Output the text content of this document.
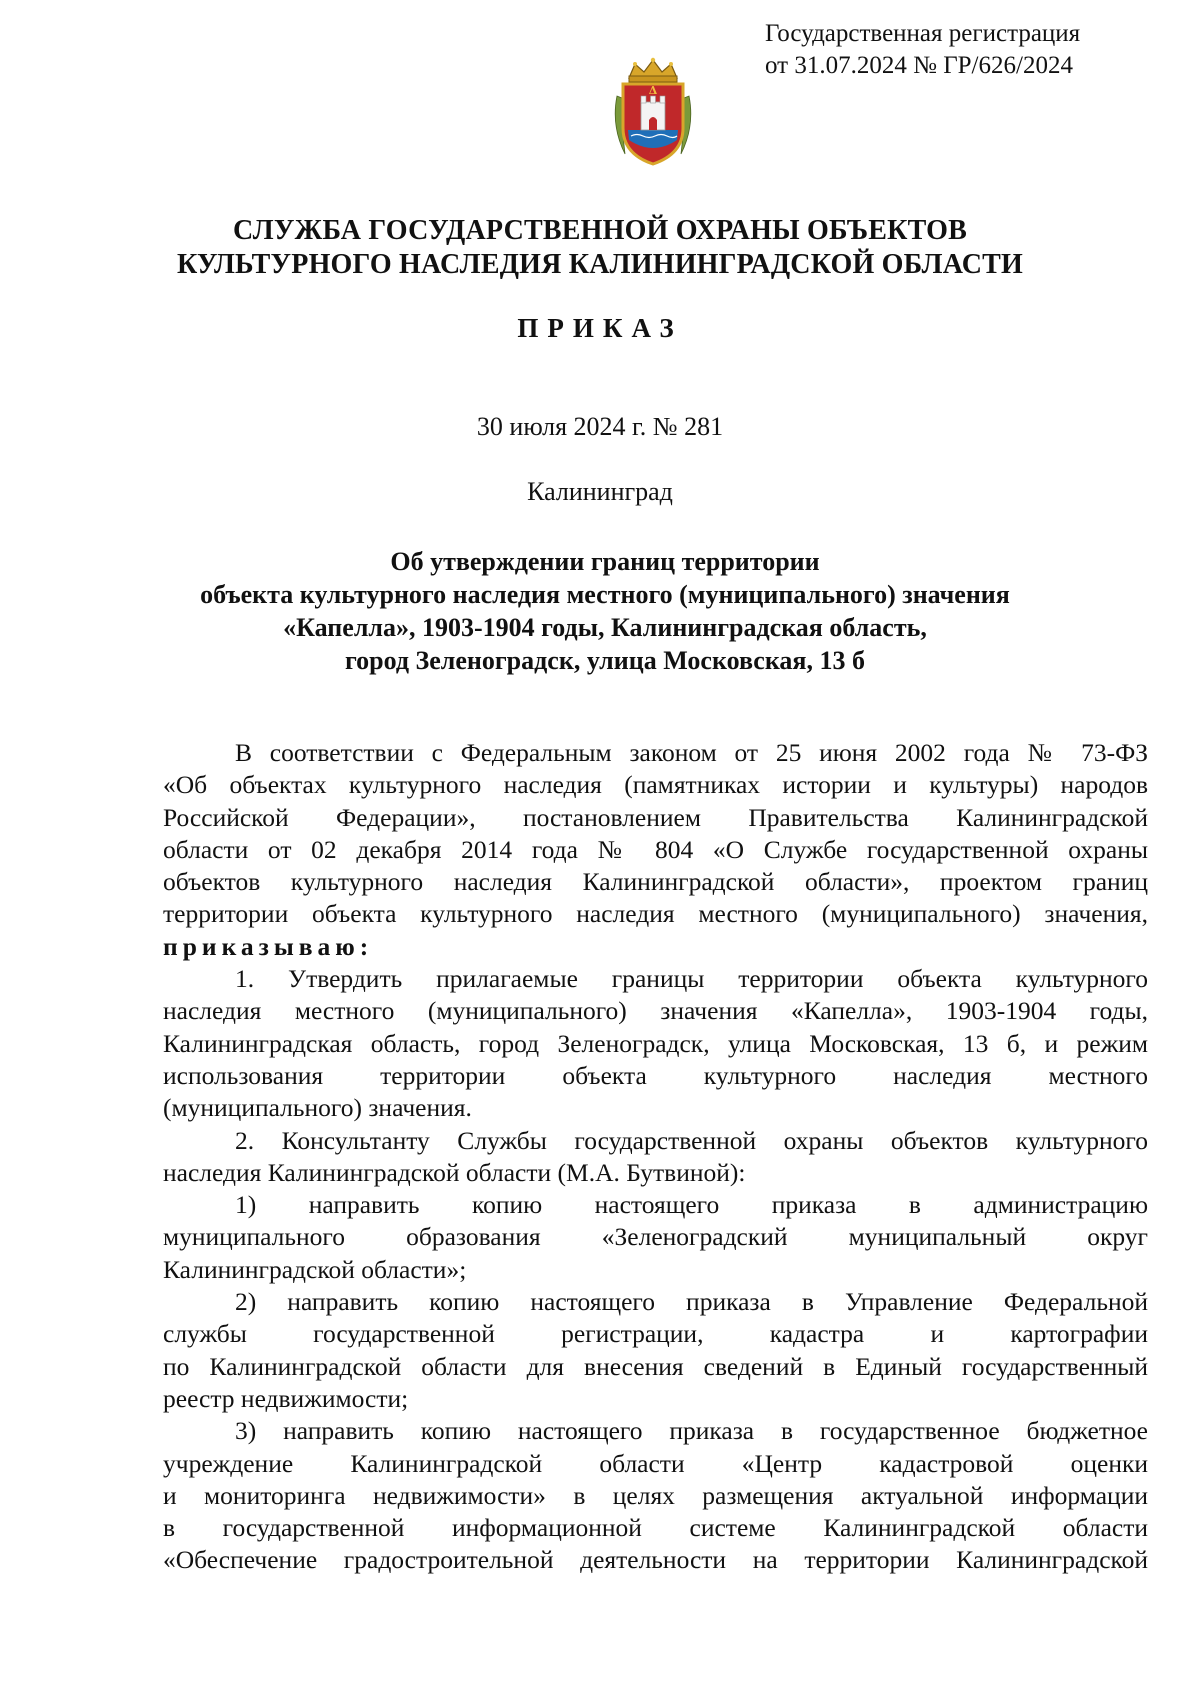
Государственная регистрация
от 31.07.2024 № ГР/626/2024
Δ
СЛУЖБА ГОСУДАРСТВЕННОЙ ОХРАНЫ ОБЪЕКТОВ
КУЛЬТУРНОГО НАСЛЕДИЯ КАЛИНИНГРАДСКОЙ ОБЛАСТИ
ПРИКАЗ
30 июля 2024 г. № 281
Калининград
Об утверждении границ территории
объекта культурного наследия местного (муниципального) значения
«Капелла», 1903-1904 годы, Калининградская область,
город Зеленоградск, улица Московская, 13 б
В соответствии с Федеральным законом от 25 июня 2002 года № 73-ФЗ
«Об объектах культурного наследия (памятниках истории и культуры) народов
Российской Федерации», постановлением Правительства Калининградской
области от 02 декабря 2014 года № 804 «О Службе государственной охраны
объектов культурного наследия Калининградской области», проектом границ
территории объекта культурного наследия местного (муниципального) значения,
приказываю:
1. Утвердить прилагаемые границы территории объекта культурного
наследия местного (муниципального) значения «Капелла», 1903-1904 годы,
Калининградская область, город Зеленоградск, улица Московская, 13 б, и режим
использования территории объекта культурного наследия местного
(муниципального) значения.
2. Консультанту Службы государственной охраны объектов культурного
наследия Калининградской области (М.А. Бутвиной):
1) направить копию настоящего приказа в администрацию
муниципального образования «Зеленоградский муниципальный округ
Калининградской области»;
2) направить копию настоящего приказа в Управление Федеральной
службы государственной регистрации, кадастра и картографии
по Калининградской области для внесения сведений в Единый государственный
реестр недвижимости;
3) направить копию настоящего приказа в государственное бюджетное
учреждение Калининградской области «Центр кадастровой оценки
и мониторинга недвижимости» в целях размещения актуальной информации
в государственной информационной системе Калининградской области
«Обеспечение градостроительной деятельности на территории Калининградской
